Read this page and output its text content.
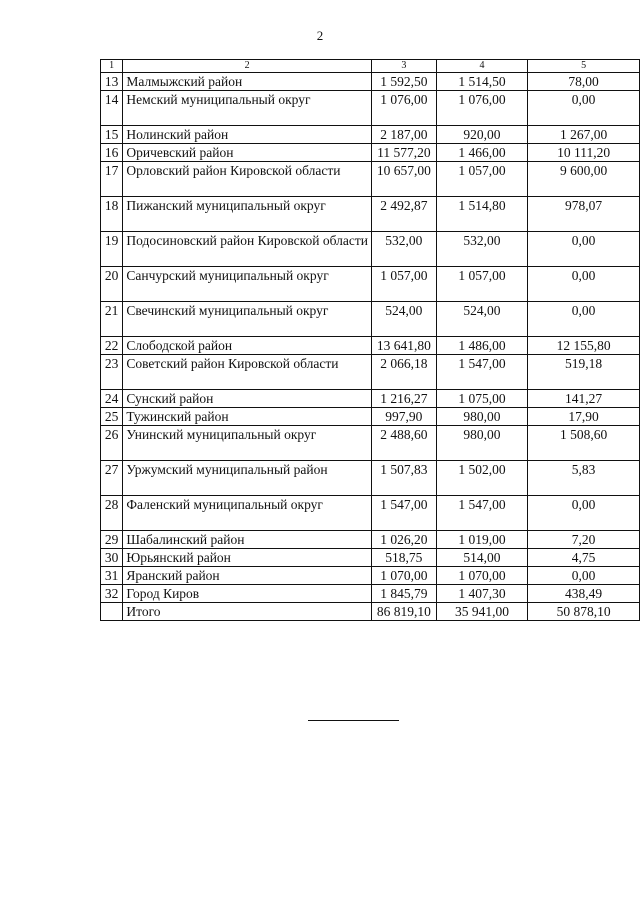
2
1	2	3	4	5
13	Малмыжский район	1 592,50	1 514,50	78,00
14	Немский муниципальный округ	1 076,00	1 076,00	0,00
15	Нолинский район	2 187,00	920,00	1 267,00
16	Оричевский район	11 577,20	1 466,00	10 111,20
17	Орловский район Кировской области	10 657,00	1 057,00	9 600,00
18	Пижанский муниципальный округ	2 492,87	1 514,80	978,07
19	Подосиновский район Кировской области	532,00	532,00	0,00
20	Санчурский муниципальный округ	1 057,00	1 057,00	0,00
21	Свечинский муниципальный округ	524,00	524,00	0,00
22	Слободской район	13 641,80	1 486,00	12 155,80
23	Советский район Кировской области	2 066,18	1 547,00	519,18
24	Сунский район	1 216,27	1 075,00	141,27
25	Тужинский район	997,90	980,00	17,90
26	Унинский муниципальный округ	2 488,60	980,00	1 508,60
27	Уржумский муниципальный район	1 507,83	1 502,00	5,83
28	Фаленский муниципальный округ	1 547,00	1 547,00	0,00
29	Шабалинский район	1 026,20	1 019,00	7,20
30	Юрьянский район	518,75	514,00	4,75
31	Яранский район	1 070,00	1 070,00	0,00
32	Город Киров	1 845,79	1 407,30	438,49
	Итого	86 819,10	35 941,00	50 878,10
